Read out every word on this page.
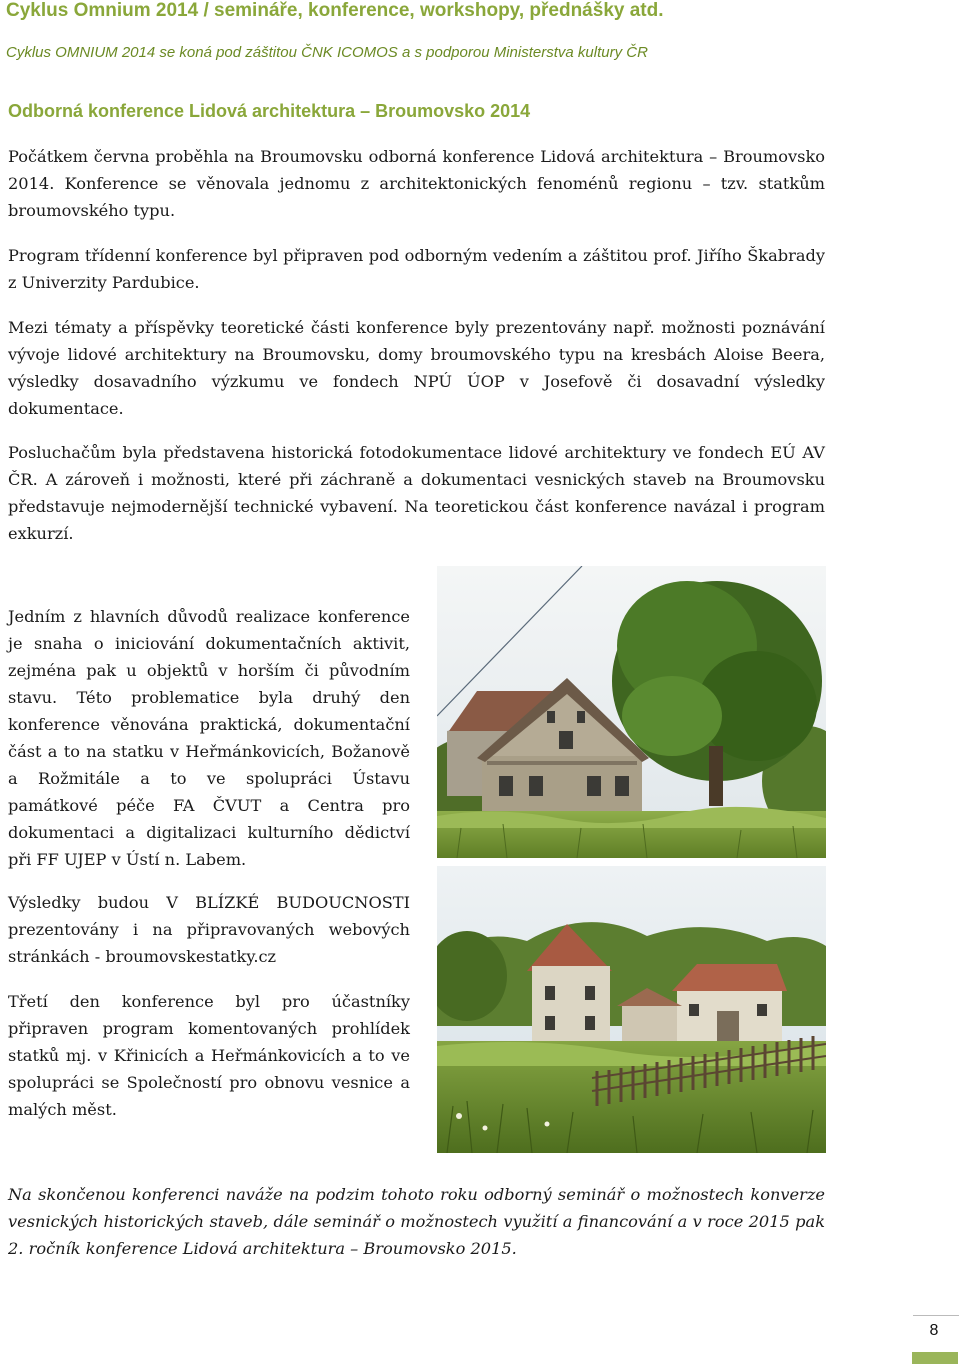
Cyklus Omnium 2014 / semináře, konference, workshopy, přednášky atd.
Cyklus OMNIUM 2014 se koná pod záštitou ČNK ICOMOS a s podporou Ministerstva kultury ČR
Odborná konference Lidová architektura – Broumovsko 2014

Počátkem června proběhla na Broumovsku odborná konference Lidová architektura – Broumovsko 2014. Konference se věnovala jednomu z architektonických fenoménů regionu – tzv. statkům broumovského typu.

Program třídenní konference byl připraven pod odborným vedením a záštitou prof. Jiřího Škabrady z Univerzity Pardubice.

Mezi tématy a příspěvky teoretické části konference byly prezentovány např. možnosti poznávání vývoje lidové architektury na Broumovsku, domy broumovského typu na kresbách Aloise Beera, výsledky dosavadního výzkumu ve fondech NPÚ ÚOP v Josefově či dosavadní výsledky dokumentace.

Posluchačům byla představena historická fotodokumentace lidové architektury ve fondech EÚ AV ČR. A zároveň i možnosti, které při záchraně a dokumentaci vesnických staveb na Broumovsku představuje nejmodernější technické vybavení. Na teoretickou část konference navázal i program exkurzí.

Jedním z hlavních důvodů realizace konference je snaha o iniciování dokumentačních aktivit, zejména pak u objektů v horším či původním stavu. Této problematice byla druhý den konference věnována praktická, dokumentační část a to na statku v Heřmánkovicích, Božanově a Rožmitále a to ve spolupráci Ústavu památkové péče FA ČVUT a Centra pro dokumentaci a digitalizaci kulturního dědictví při FF UJEP v Ústí n. Labem.

Výsledky budou V BLÍZKÉ BUDOUCNOSTI prezentovány i na připravovaných webových stránkách - broumovskestatky.cz

Třetí den konference byl pro účastníky připraven program komentovaných prohlídek statků mj. v Křinicích a Heřmánkovicích a to ve spolupráci se Společností pro obnovu vesnice a malých měst.

Na skončenou konferenci naváže na podzim tohoto roku odborný seminář o možnostech konverze vesnických historických staveb, dále seminář o možnostech využití a financování a v roce 2015 pak 2. ročník konference Lidová architektura – Broumovsko 2015.

8
